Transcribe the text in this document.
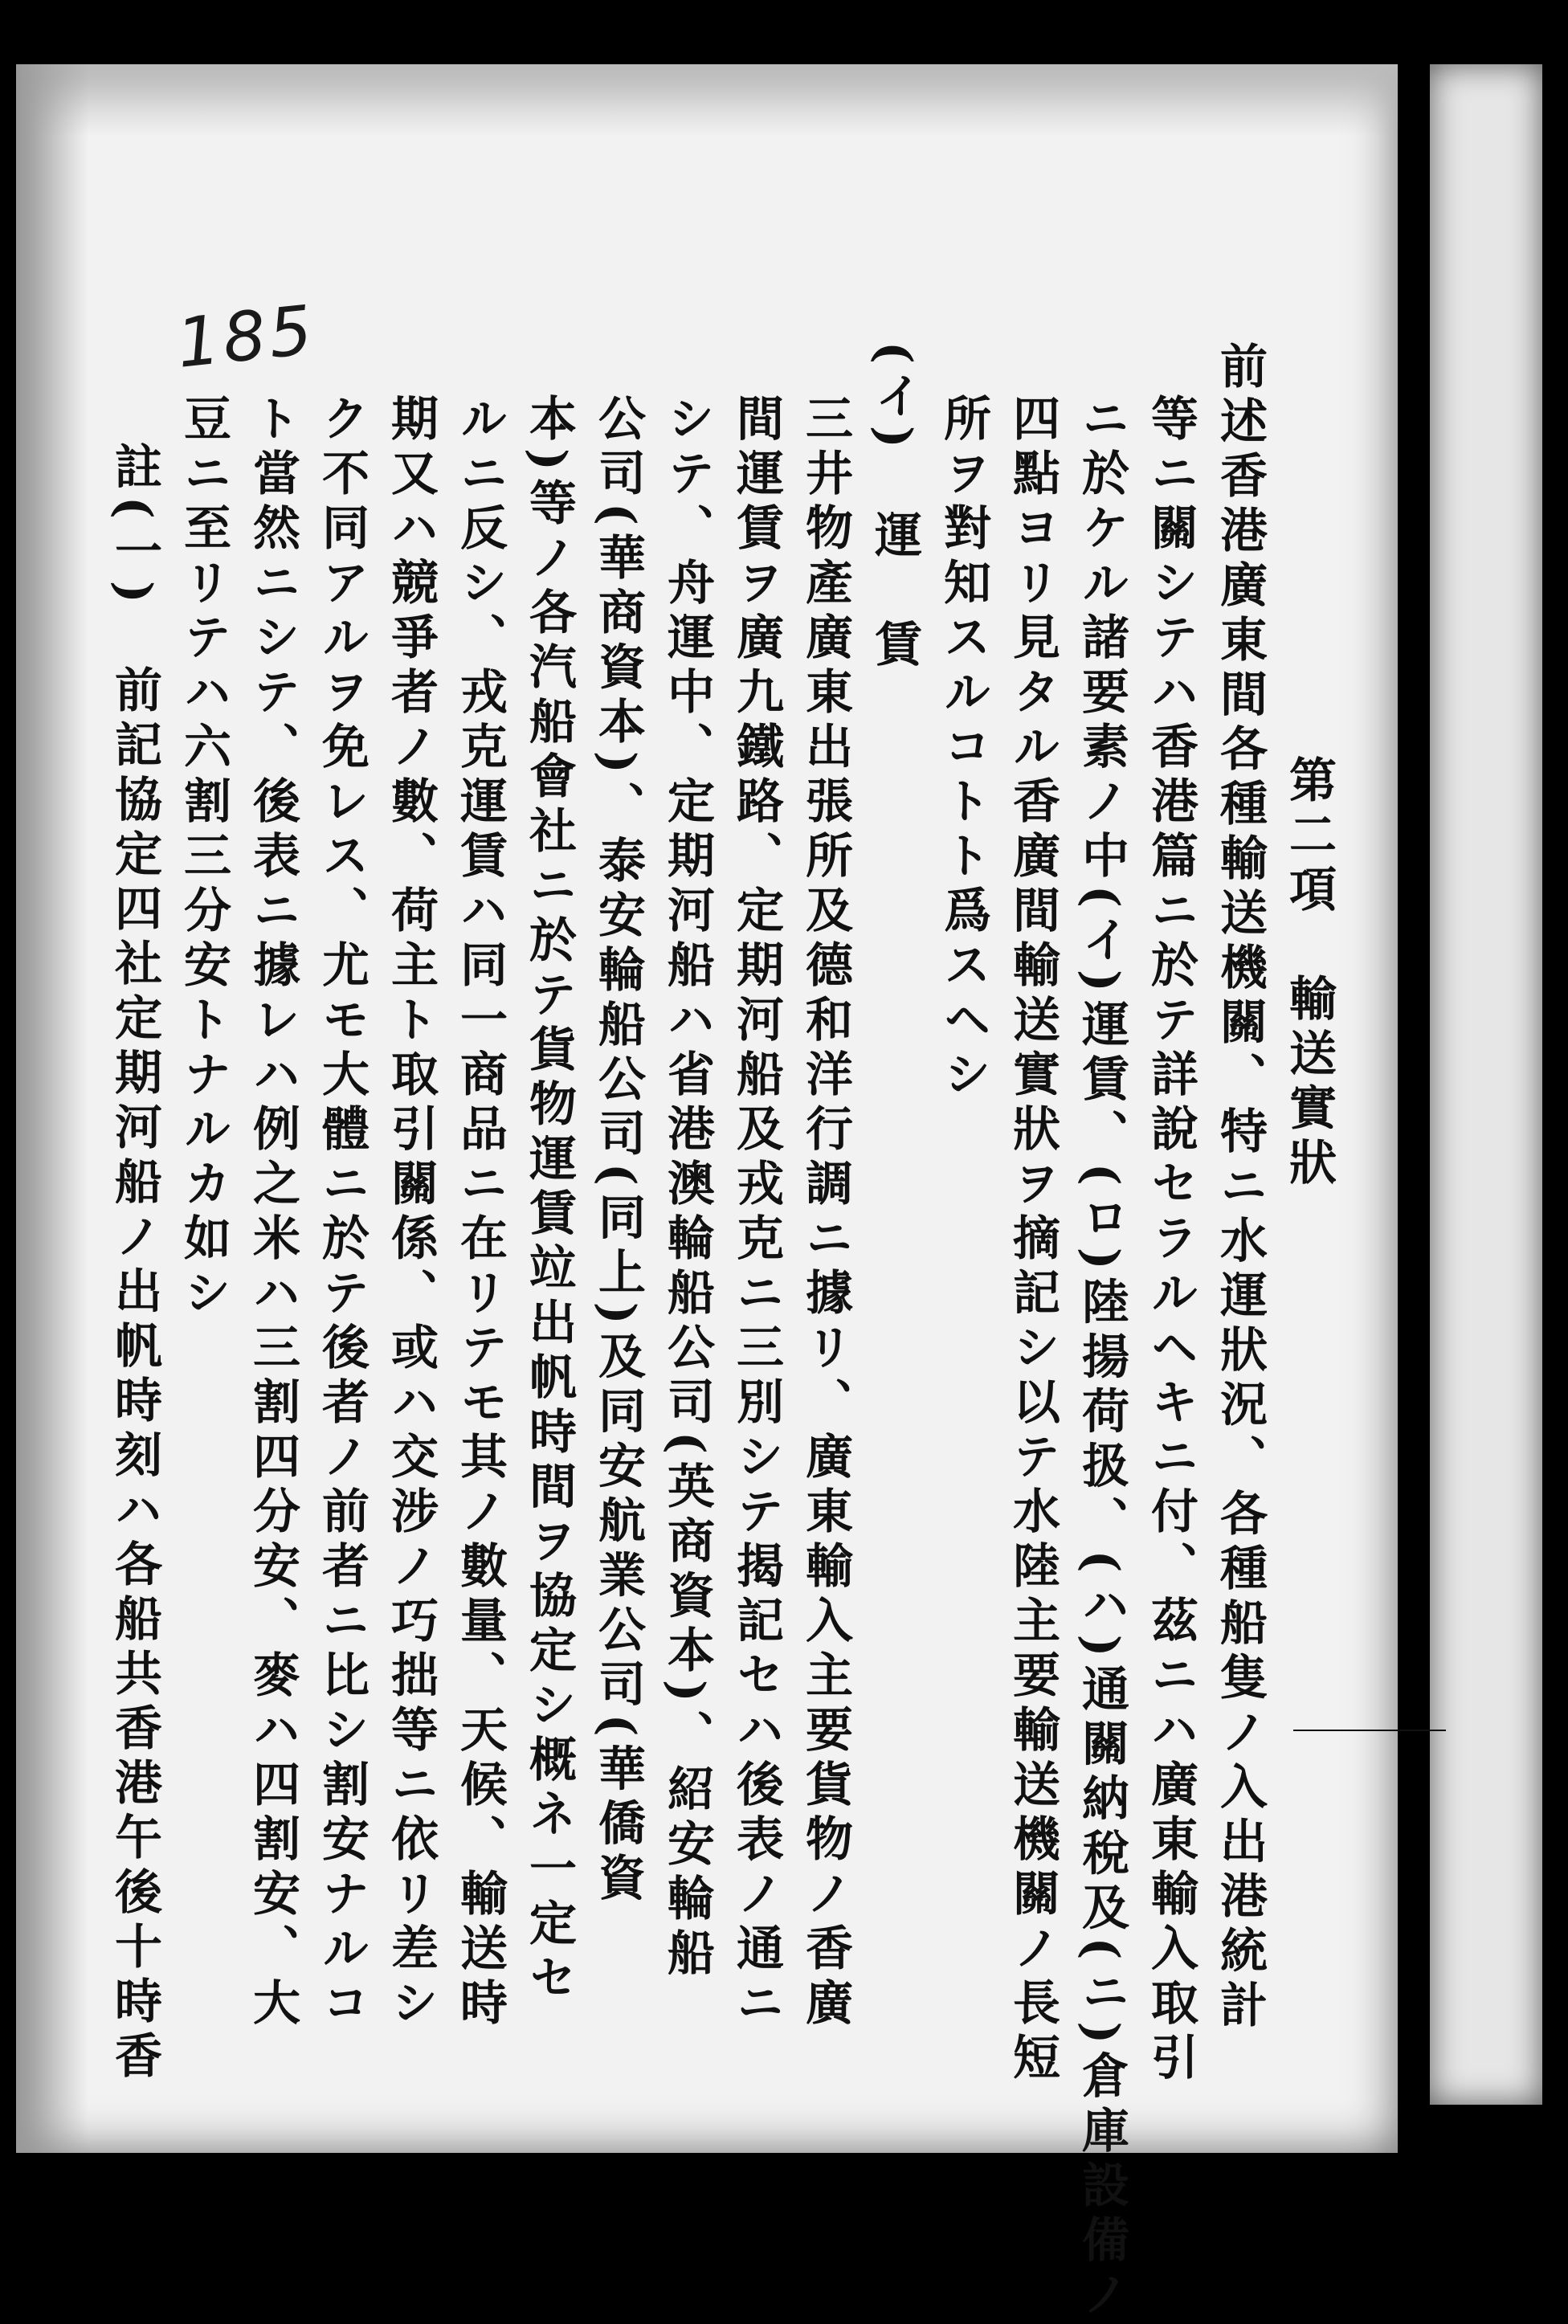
185
第二項　輸送實狀
前述香港廣東間各種輸送機關、特ニ水運狀況、各種船隻ノ入出港統計
等ニ關シテハ香港篇ニ於テ詳說セラルヘキニ付、茲ニハ廣東輸入取引
ニ於ケル諸要素ノ中(イ)運賃、(ロ)陸揚荷扱、(ハ)通關納稅及(ニ)倉庫設備ノ
四點ヨリ見タル香廣間輸送實狀ヲ摘記シ以テ水陸主要輸送機關ノ長短
所ヲ對知スルコトト爲スヘシ
(イ)　運　賃
三井物產廣東出張所及德和洋行調ニ據リ、廣東輸入主要貨物ノ香廣
間運賃ヲ廣九鐵路、定期河船及戎克ニ三別シテ揭記セハ後表ノ通ニ
シテ、舟運中、定期河船ハ省港澳輪船公司(英商資本)、紹安輪船
公司(華商資本)、泰安輪船公司(同上)及同安航業公司(華僑資
本)等ノ各汽船會社ニ於テ貨物運賃竝出帆時間ヲ協定シ概ネ一定セ
ルニ反シ、戎克運賃ハ同一商品ニ在リテモ其ノ數量、天候、輸送時
期又ハ競爭者ノ數、荷主ト取引關係、或ハ交涉ノ巧拙等ニ依リ差シ
ク不同アルヲ免レス、尤モ大體ニ於テ後者ノ前者ニ比シ割安ナルコ
ト當然ニシテ、後表ニ據レハ例之米ハ三割四分安、麥ハ四割安、大
豆ニ至リテハ六割三分安トナルカ如シ
註(一)　前記協定四社定期河船ノ出帆時刻ハ各船共香港午後十時香
